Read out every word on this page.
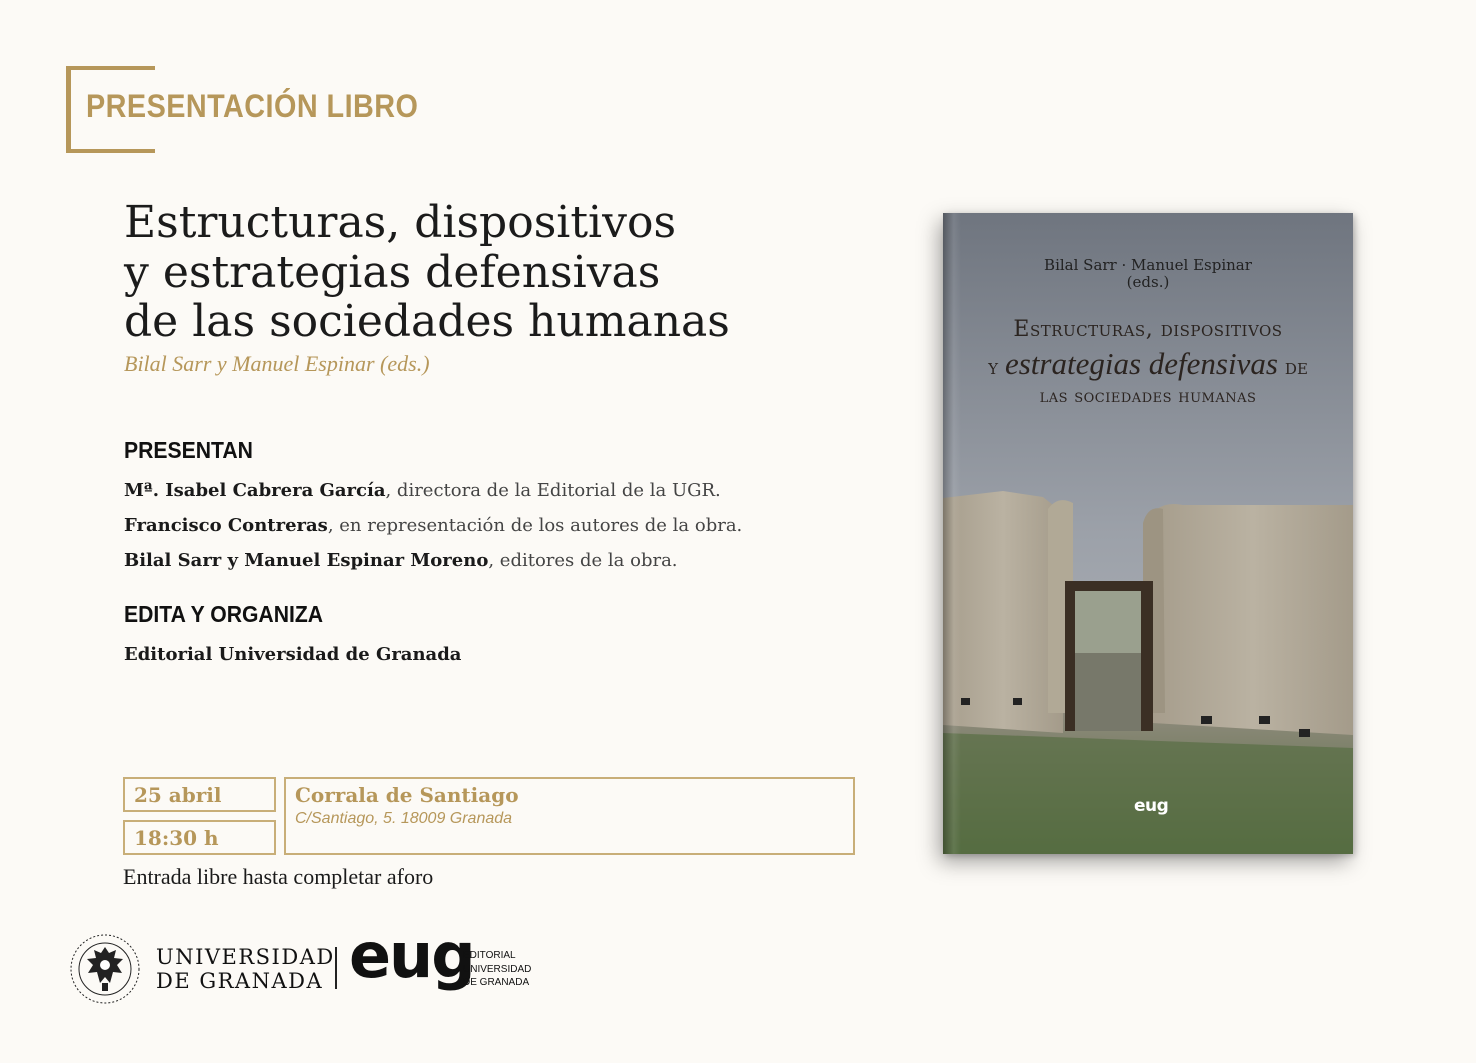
PRESENTACIÓN LIBRO
Estructuras, dispositivos
y estrategias defensivas
de las sociedades humanas
Bilal Sarr y Manuel Espinar (eds.)
PRESENTAN
Mª. Isabel Cabrera García, directora de la Editorial de la UGR.
Francisco Contreras, en representación de los autores de la obra.
Bilal Sarr y Manuel Espinar Moreno, editores de la obra.
EDITA Y ORGANIZA
Editorial Universidad de Granada
25 abril
18:30 h
Corrala de Santiago
C/Santiago, 5. 18009 Granada
Entrada libre hasta completar aforo
UNIVERSIDAD
DE GRANADA eug
EDITORIAL
UNIVERSIDAD
DE GRANADA
Bilal Sarr · Manuel Espinar
(eds.)
Estructuras, dispositivos
y estrategias defensivas de
las sociedades humanas
eug
